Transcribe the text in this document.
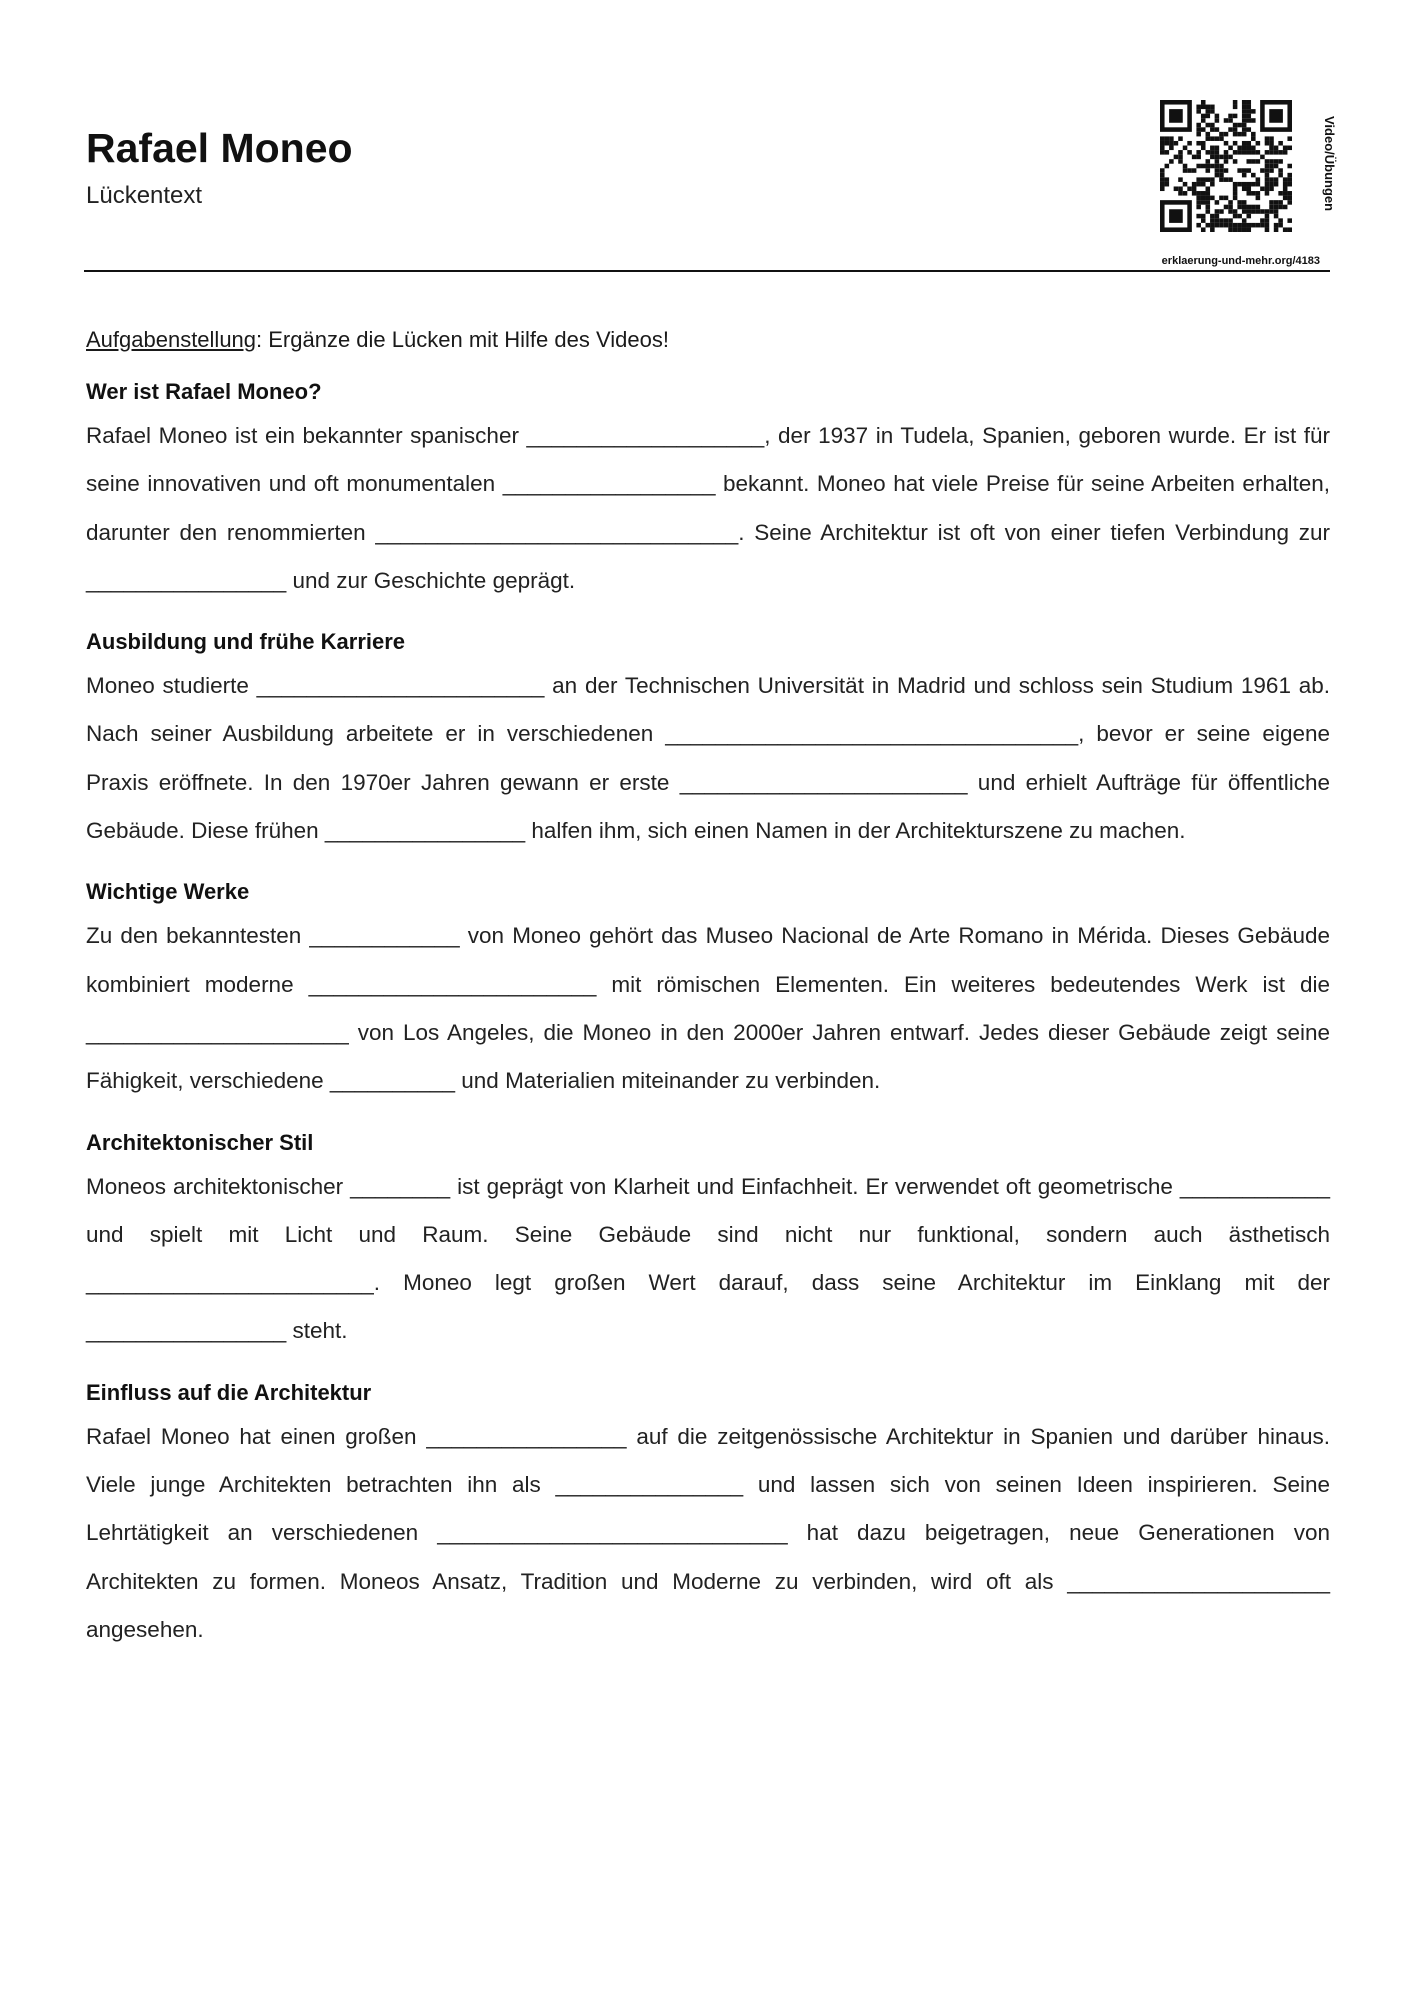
Rafael Moneo
Lückentext	Video/Übungen
erklaerung-und-mehr.org/4183

Aufgabenstellung: Ergänze die Lücken mit Hilfe des Videos!

Wer ist Rafael Moneo?

Rafael Moneo ist ein bekannter spanischer ___________________, der 1937 in Tudela, Spanien, geboren wurde. Er ist für seine innovativen und oft monumentalen _________________ bekannt. Moneo hat viele Preise für seine Arbeiten erhalten, darunter den renommierten _____________________________. Seine Architektur ist oft von einer tiefen Verbindung zur ________________ und zur Geschichte geprägt.

Ausbildung und frühe Karriere

Moneo studierte _______________________ an der Technischen Universität in Madrid und schloss sein Studium 1961 ab. Nach seiner Ausbildung arbeitete er in verschiedenen _________________________________, bevor er seine eigene Praxis eröffnete. In den 1970er Jahren gewann er erste _______________________ und erhielt Aufträge für öffentliche Gebäude. Diese frühen ________________ halfen ihm, sich einen Namen in der Architekturszene zu machen.

Wichtige Werke

Zu den bekanntesten ____________ von Moneo gehört das Museo Nacional de Arte Romano in Mérida. Dieses Gebäude kombiniert moderne _______________________ mit römischen Elementen. Ein weiteres bedeutendes Werk ist die _____________________ von Los Angeles, die Moneo in den 2000er Jahren entwarf. Jedes dieser Gebäude zeigt seine Fähigkeit, verschiedene __________ und Materialien miteinander zu verbinden.

Architektonischer Stil

Moneos architektonischer ________ ist geprägt von Klarheit und Einfachheit. Er verwendet oft geometrische ____________ und spielt mit Licht und Raum. Seine Gebäude sind nicht nur funktional, sondern auch ästhetisch _______________________. Moneo legt großen Wert darauf, dass seine Architektur im Einklang mit der ________________ steht.

Einfluss auf die Architektur

Rafael Moneo hat einen großen ________________ auf die zeitgenössische Architektur in Spanien und darüber hinaus. Viele junge Architekten betrachten ihn als _______________ und lassen sich von seinen Ideen inspirieren. Seine Lehrtätigkeit an verschiedenen ____________________________ hat dazu beigetragen, neue Generationen von Architekten zu formen. Moneos Ansatz, Tradition und Moderne zu verbinden, wird oft als _____________________ angesehen.
